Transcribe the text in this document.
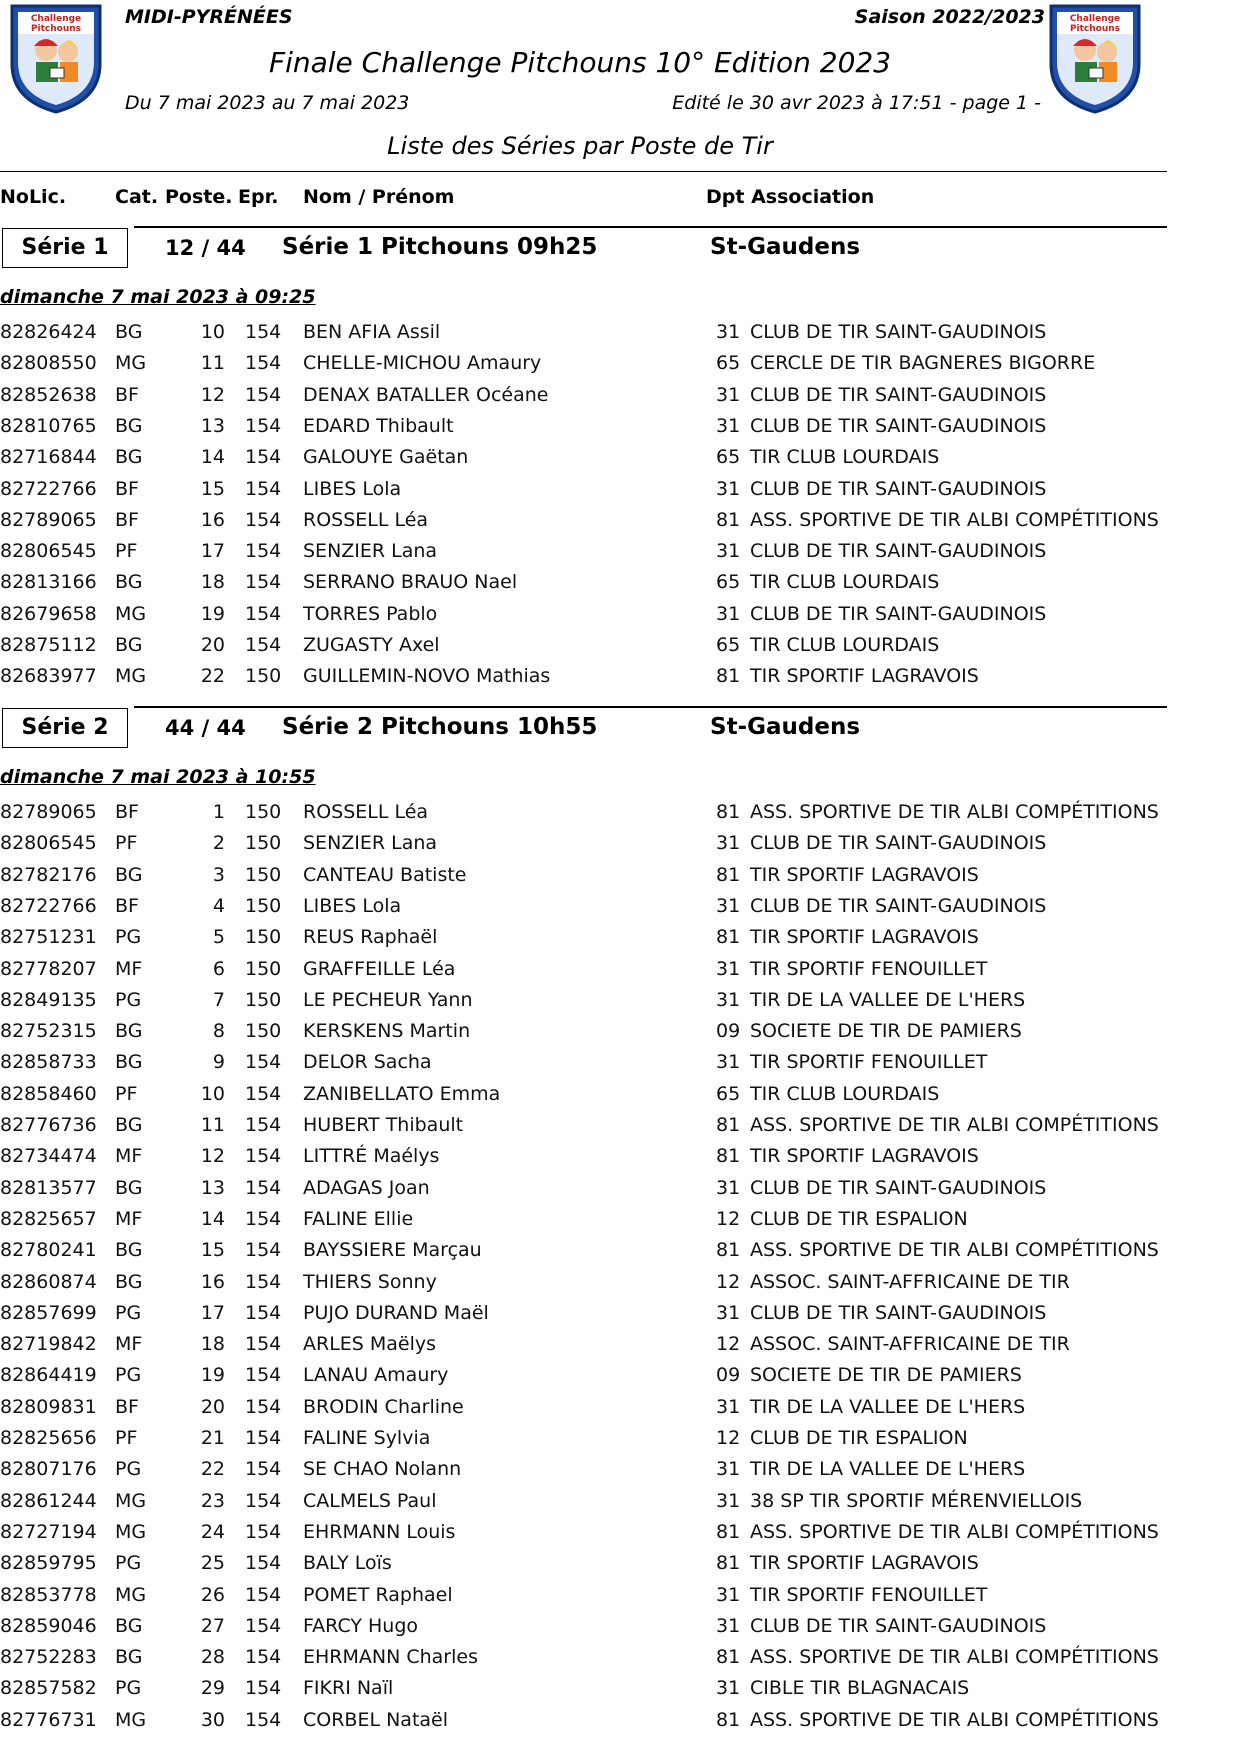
Challenge
Pitchouns
Challenge
Pitchouns
MIDI-PYRÉNÉES	Saison 2022/2023
Finale Challenge Pitchouns 10° Edition 2023
Du 7 mai 2023 au 7 mai 2023	Edité le 30 avr 2023 à 17:51 - page 1 -
Liste des Séries par Poste de Tir
NoLic.	Cat. Poste. Epr. Nom / Prénom	Dpt Association
Série 1	12 / 44 Série 1 Pitchouns 09h25	St-Gaudens
dimanche 7 mai 2023 à 09:25
82826424 BG	10 154 BEN AFIA Assil	31 CLUB DE TIR SAINT-GAUDINOIS
82808550 MG	11 154 CHELLE-MICHOU Amaury	65 CERCLE DE TIR BAGNERES BIGORRE
82852638 BF	12 154 DENAX BATALLER Océane	31 CLUB DE TIR SAINT-GAUDINOIS
82810765 BG	13 154 EDARD Thibault	31 CLUB DE TIR SAINT-GAUDINOIS
82716844 BG	14 154 GALOUYE Gaëtan	65 TIR CLUB LOURDAIS
82722766 BF	15 154 LIBES Lola	31 CLUB DE TIR SAINT-GAUDINOIS
82789065 BF	16 154 ROSSELL Léa	81 ASS. SPORTIVE DE TIR ALBI COMPÉTITIONS
82806545 PF	17 154 SENZIER Lana	31 CLUB DE TIR SAINT-GAUDINOIS
82813166 BG	18 154 SERRANO BRAUO Nael	65 TIR CLUB LOURDAIS
82679658 MG	19 154 TORRES Pablo	31 CLUB DE TIR SAINT-GAUDINOIS
82875112 BG	20 154 ZUGASTY Axel	65 TIR CLUB LOURDAIS
82683977 MG	22 150 GUILLEMIN-NOVO Mathias	81 TIR SPORTIF LAGRAVOIS
Série 2	44 / 44 Série 2 Pitchouns 10h55	St-Gaudens
dimanche 7 mai 2023 à 10:55
82789065 BF	1 150 ROSSELL Léa	81 ASS. SPORTIVE DE TIR ALBI COMPÉTITIONS
82806545 PF	2 150 SENZIER Lana	31 CLUB DE TIR SAINT-GAUDINOIS
82782176 BG	3 150 CANTEAU Batiste	81 TIR SPORTIF LAGRAVOIS
82722766 BF	4 150 LIBES Lola	31 CLUB DE TIR SAINT-GAUDINOIS
82751231 PG	5 150 REUS Raphaël	81 TIR SPORTIF LAGRAVOIS
82778207 MF	6 150 GRAFFEILLE Léa	31 TIR SPORTIF FENOUILLET
82849135 PG	7 150 LE PECHEUR Yann	31 TIR DE LA VALLEE DE L'HERS
82752315 BG	8 150 KERSKENS Martin	09 SOCIETE DE TIR DE PAMIERS
82858733 BG	9 154 DELOR Sacha	31 TIR SPORTIF FENOUILLET
82858460 PF	10 154 ZANIBELLATO Emma	65 TIR CLUB LOURDAIS
82776736 BG	11 154 HUBERT Thibault	81 ASS. SPORTIVE DE TIR ALBI COMPÉTITIONS
82734474 MF	12 154 LITTRÉ Maélys	81 TIR SPORTIF LAGRAVOIS
82813577 BG	13 154 ADAGAS Joan	31 CLUB DE TIR SAINT-GAUDINOIS
82825657 MF	14 154 FALINE Ellie	12 CLUB DE TIR ESPALION
82780241 BG	15 154 BAYSSIERE Marçau	81 ASS. SPORTIVE DE TIR ALBI COMPÉTITIONS
82860874 BG	16 154 THIERS Sonny	12 ASSOC. SAINT-AFFRICAINE DE TIR
82857699 PG	17 154 PUJO DURAND Maël	31 CLUB DE TIR SAINT-GAUDINOIS
82719842 MF	18 154 ARLES Maëlys	12 ASSOC. SAINT-AFFRICAINE DE TIR
82864419 PG	19 154 LANAU Amaury	09 SOCIETE DE TIR DE PAMIERS
82809831 BF	20 154 BRODIN Charline	31 TIR DE LA VALLEE DE L'HERS
82825656 PF	21 154 FALINE Sylvia	12 CLUB DE TIR ESPALION
82807176 PG	22 154 SE CHAO Nolann	31 TIR DE LA VALLEE DE L'HERS
82861244 MG	23 154 CALMELS Paul	31 38 SP TIR SPORTIF MÉRENVIELLOIS
82727194 MG	24 154 EHRMANN Louis	81 ASS. SPORTIVE DE TIR ALBI COMPÉTITIONS
82859795 PG	25 154 BALY Loïs	81 TIR SPORTIF LAGRAVOIS
82853778 MG	26 154 POMET Raphael	31 TIR SPORTIF FENOUILLET
82859046 BG	27 154 FARCY Hugo	31 CLUB DE TIR SAINT-GAUDINOIS
82752283 BG	28 154 EHRMANN Charles	81 ASS. SPORTIVE DE TIR ALBI COMPÉTITIONS
82857582 PG	29 154 FIKRI Naïl	31 CIBLE TIR BLAGNACAIS
82776731 MG	30 154 CORBEL Nataël	81 ASS. SPORTIVE DE TIR ALBI COMPÉTITIONS
